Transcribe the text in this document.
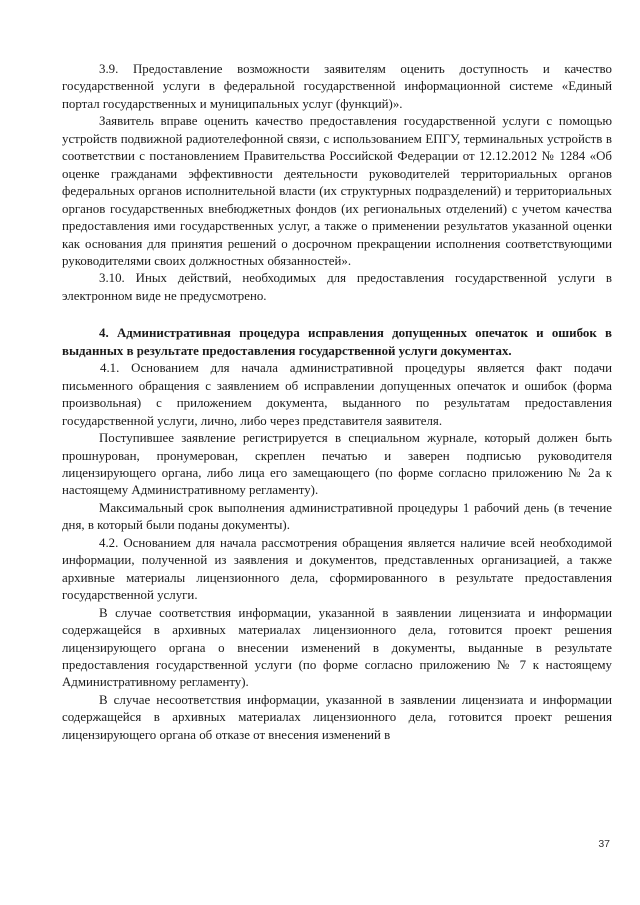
3.9. Предоставление возможности заявителям оценить доступность и качество государственной услуги в федеральной государственной информационной системе «Единый портал государственных и муниципальных услуг (функций)».

Заявитель вправе оценить качество предоставления государственной услуги с помощью устройств подвижной радиотелефонной связи, с использованием ЕПГУ, терминальных устройств в соответствии с постановлением Правительства Российской Федерации от 12.12.2012 № 1284 «Об оценке гражданами эффективности деятельности руководителей территориальных органов федеральных органов исполнительной власти (их структурных подразделений) и территориальных органов государственных внебюджетных фондов (их региональных отделений) с учетом качества предоставления ими государственных услуг, а также о применении результатов указанной оценки как основания для принятия решений о досрочном прекращении исполнения соответствующими руководителями своих должностных обязанностей».

3.10. Иных действий, необходимых для предоставления государственной услуги в электронном виде не предусмотрено.

4. Административная процедура исправления допущенных опечаток и ошибок в выданных в результате предоставления государственной услуги документах.

4.1. Основанием для начала административной процедуры является факт подачи письменного обращения с заявлением об исправлении допущенных опечаток и ошибок (форма произвольная) с приложением документа, выданного по результатам предоставления государственной услуги, лично, либо через представителя заявителя.

Поступившее заявление регистрируется в специальном журнале, который должен быть прошнурован, пронумерован, скреплен печатью и заверен подписью руководителя лицензирующего органа, либо лица его замещающего (по форме согласно приложению № 2а к настоящему Административному регламенту).

Максимальный срок выполнения административной процедуры 1 рабочий день (в течение дня, в который были поданы документы).

4.2. Основанием для начала рассмотрения обращения является наличие всей необходимой информации, полученной из заявления и документов, представленных организацией, а также архивные материалы лицензионного дела, сформированного в результате предоставления государственной услуги.

В случае соответствия информации, указанной в заявлении лицензиата и информации содержащейся в архивных материалах лицензионного дела, готовится проект решения лицензирующего органа о внесении изменений в документы, выданные в результате предоставления государственной услуги (по форме согласно приложению № 7 к настоящему Административному регламенту).

В случае несоответствия информации, указанной в заявлении лицензиата и информации содержащейся в архивных материалах лицензионного дела, готовится проект решения лицензирующего органа об отказе от внесения изменений в

37
